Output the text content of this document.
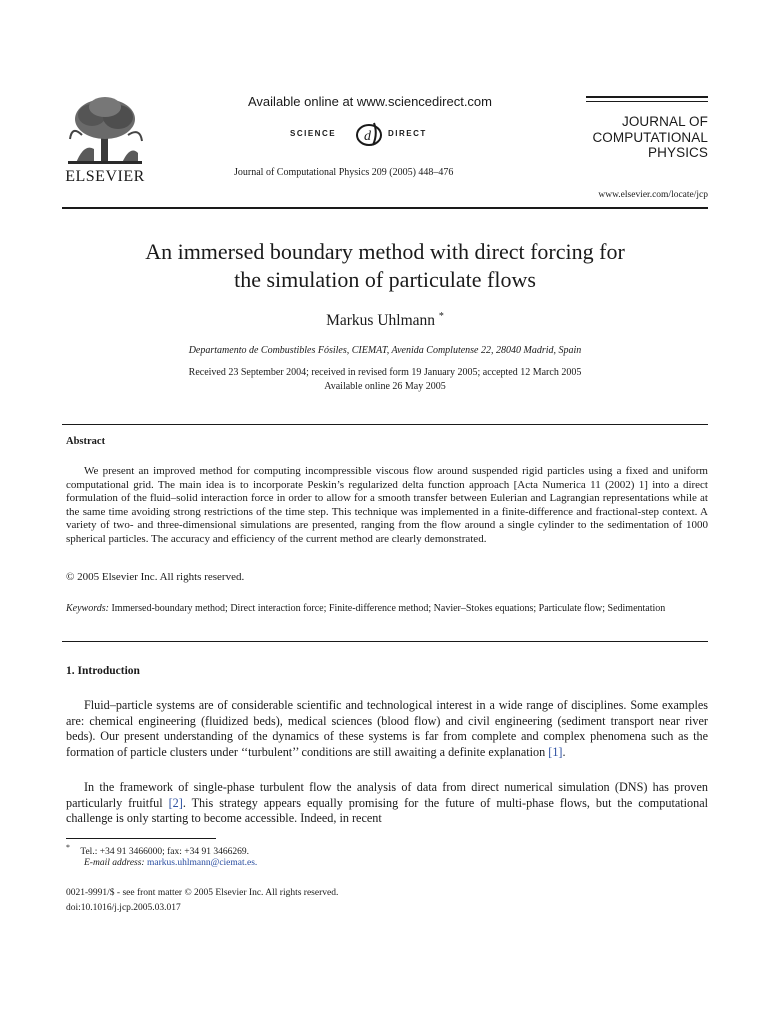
ELSEVIER
Available online at www.sciencedirect.com
SCIENCE d DIRECT
Journal of Computational Physics 209 (2005) 448–476
JOURNAL OF
COMPUTATIONAL
PHYSICS
www.elsevier.com/locate/jcp
An immersed boundary method with direct forcing for
the simulation of particulate flows
Markus Uhlmann *
Departamento de Combustibles Fósiles, CIEMAT, Avenida Complutense 22, 28040 Madrid, Spain
Received 23 September 2004; received in revised form 19 January 2005; accepted 12 March 2005
Available online 26 May 2005
Abstract

We present an improved method for computing incompressible viscous flow around suspended rigid particles using a fixed and uniform computational grid. The main idea is to incorporate Peskin’s regularized delta function approach [Acta Numerica 11 (2002) 1] into a direct formulation of the fluid–solid interaction force in order to allow for a smooth transfer between Eulerian and Lagrangian representations while at the same time avoiding strong restrictions of the time step. This technique was implemented in a finite-difference and fractional-step context. A variety of two- and three-dimensional simulations are presented, ranging from the flow around a single cylinder to the sedimentation of 1000 spherical particles. The accuracy and efficiency of the current method are clearly demonstrated.

© 2005 Elsevier Inc. All rights reserved.
Keywords: Immersed-boundary method; Direct interaction force; Finite-difference method; Navier–Stokes equations; Particulate flow; Sedimentation
1. Introduction

Fluid–particle systems are of considerable scientific and technological interest in a wide range of disciplines. Some examples are: chemical engineering (fluidized beds), medical sciences (blood flow) and civil engineering (sediment transport near river beds). Our present understanding of the dynamics of these systems is far from complete and complex phenomena such as the formation of particle clusters under ‘‘turbulent’’ conditions are still awaiting a definite explanation [1].

In the framework of single-phase turbulent flow the analysis of data from direct numerical simulation (DNS) has proven particularly fruitful [2]. This strategy appears equally promising for the future of multi-phase flows, but the computational challenge is only starting to become accessible. Indeed, in recent

* Tel.: +34 91 3466000; fax: +34 91 3466269.
E-mail address: markus.uhlmann@ciemat.es.
0021-9991/$ - see front matter © 2005 Elsevier Inc. All rights reserved.
doi:10.1016/j.jcp.2005.03.017
